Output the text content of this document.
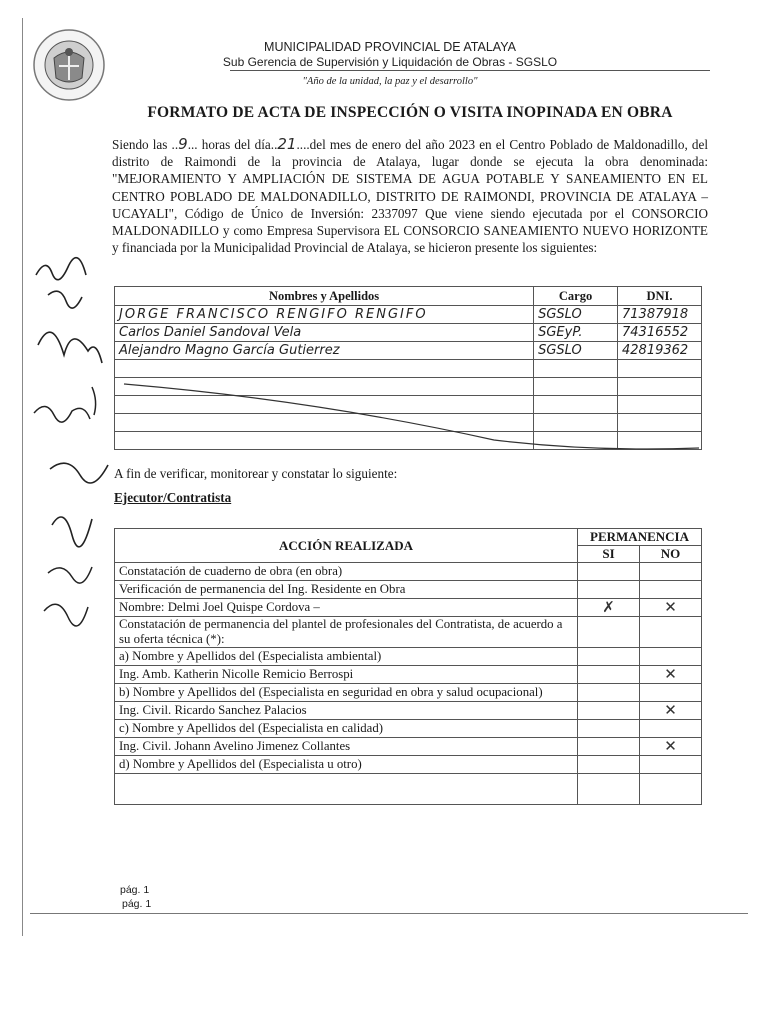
MUNICIPALIDAD PROVINCIAL DE ATALAYA
Sub Gerencia de Supervisión y Liquidación de Obras - SGSLO
"Año de la unidad, la paz y el desarrollo"
FORMATO DE ACTA DE INSPECCIÓN O VISITA INOPINADA EN OBRA
Siendo las ..9... horas del día..21....del mes de enero del año 2023 en el Centro Poblado de Maldonadillo, del distrito de Raimondi de la provincia de Atalaya, lugar donde se ejecuta la obra denominada: "MEJORAMIENTO Y AMPLIACIÓN DE SISTEMA DE AGUA POTABLE Y SANEAMIENTO EN EL CENTRO POBLADO DE MALDONADILLO, DISTRITO DE RAIMONDI, PROVINCIA DE ATALAYA – UCAYALI", Código de Único de Inversión: 2337097 Que viene siendo ejecutada por el CONSORCIO MALDONADILLO y como Empresa Supervisora EL CONSORCIO SANEAMIENTO NUEVO HORIZONTE y financiada por la Municipalidad Provincial de Atalaya, se hicieron presente los siguientes:
Nombres y Apellidos	Cargo	DNI.
JORGE FRANCISCO RENGIFO RENGIFO	SGSLO	71387918
Carlos Daniel Sandoval Vela	SGEyP.	74316552
Alejandro Magno García Gutierrez	SGSLO	42819362

A fin de verificar, monitorear y constatar lo siguiente:
Ejecutor/Contratista
ACCIÓN REALIZADA	PERMANENCIA	
	SI	NO
Constatación de cuaderno de obra (en obra)		
Verificación de permanencia del Ing. Residente en Obra		
Nombre: Delmi Joel Quispe Cordova –	✗	✕
Constatación de permanencia del plantel de profesionales del Contratista, de acuerdo a su oferta técnica (*):		
a) Nombre y Apellidos del (Especialista ambiental)		
Ing. Amb. Katherin Nicolle Remicio Berrospi		✕
b) Nombre y Apellidos del (Especialista en seguridad en obra y salud ocupacional)		
Ing. Civil. Ricardo Sanchez Palacios		✕
c) Nombre y Apellidos del (Especialista en calidad)		
Ing. Civil. Johann Avelino Jimenez Collantes		✕
d) Nombre y Apellidos del (Especialista u otro)		

pág. 1
pág. 1
